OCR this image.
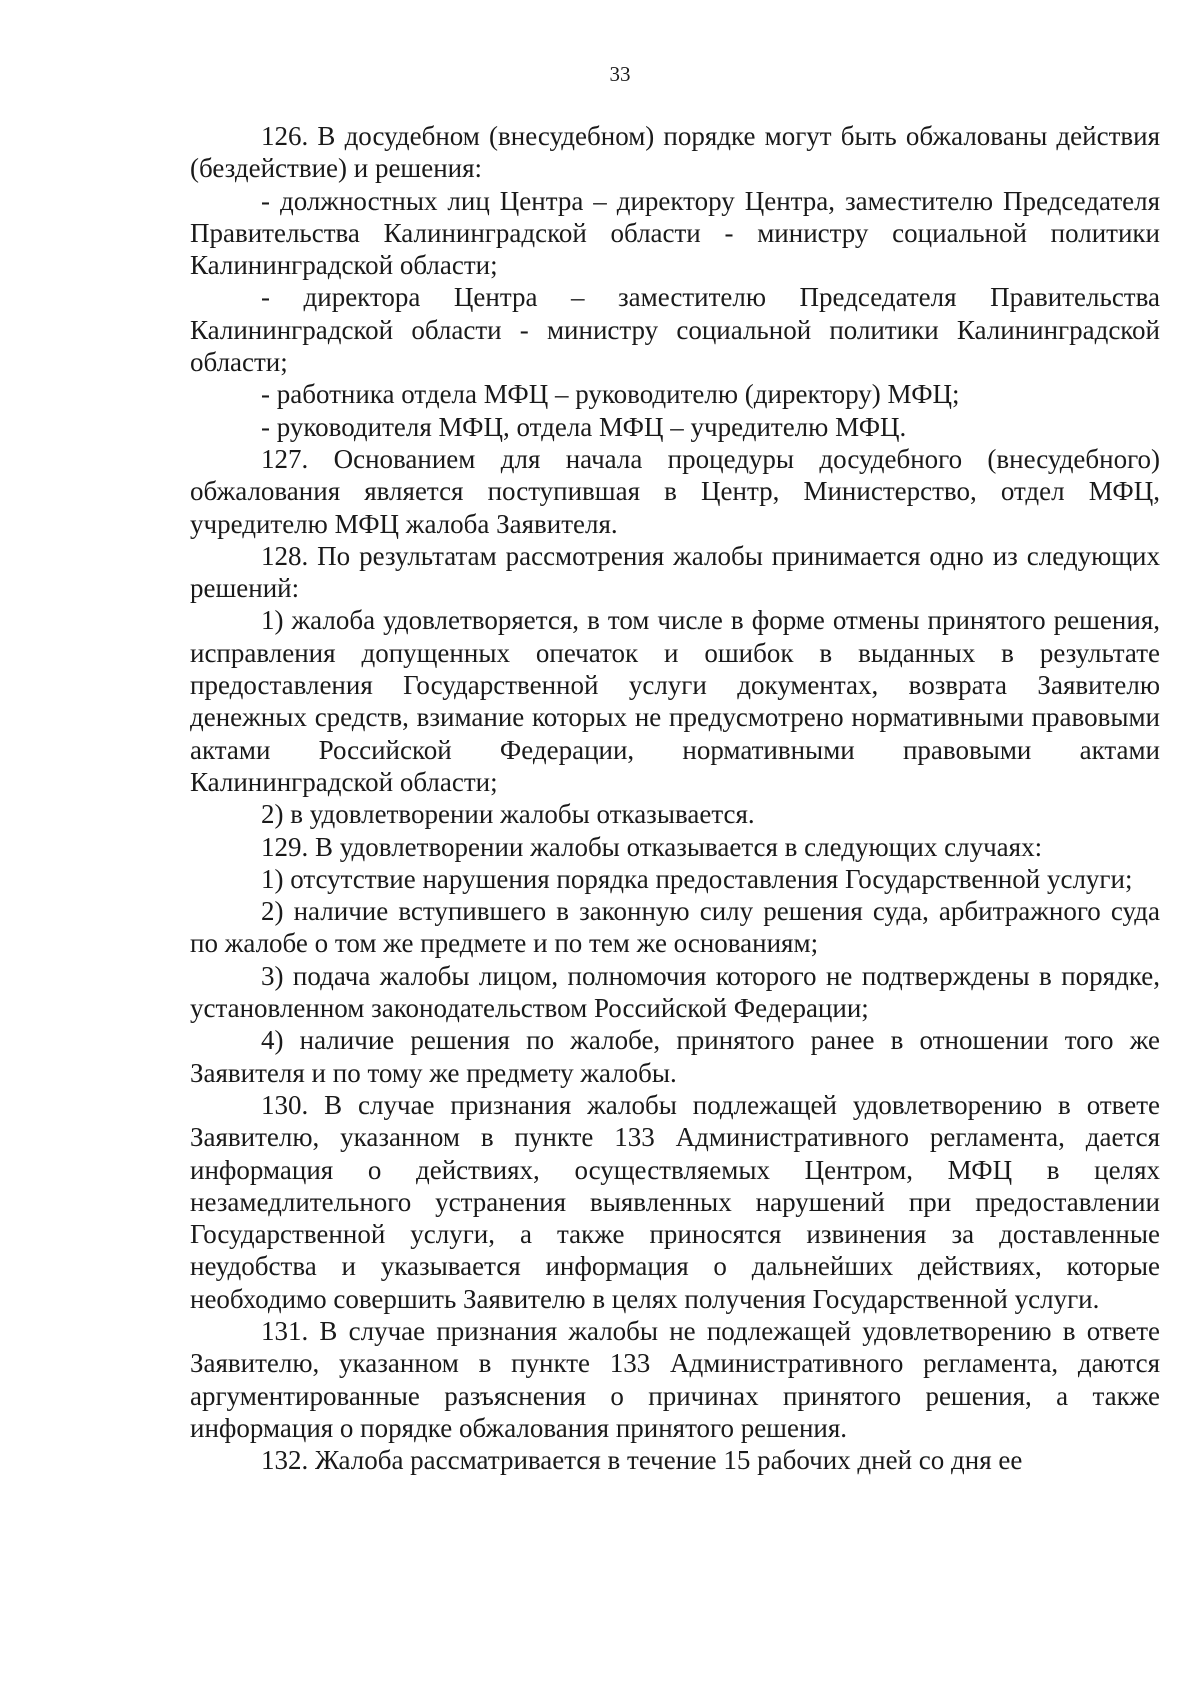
33

126. В досудебном (внесудебном) порядке могут быть обжалованы действия (бездействие) и решения:

- должностных лиц Центра – директору Центра, заместителю Председателя Правительства Калининградской области - министру социальной политики Калининградской области;

- директора Центра – заместителю Председателя Правительства Калининградской области - министру социальной политики Калининградской области;

- работника отдела МФЦ – руководителю (директору) МФЦ;

- руководителя МФЦ, отдела МФЦ – учредителю МФЦ.

127. Основанием для начала процедуры досудебного (внесудебного) обжалования является поступившая в Центр, Министерство, отдел МФЦ, учредителю МФЦ жалоба Заявителя.

128. По результатам рассмотрения жалобы принимается одно из следующих решений:

1) жалоба удовлетворяется, в том числе в форме отмены принятого решения, исправления допущенных опечаток и ошибок в выданных в результате предоставления Государственной услуги документах, возврата Заявителю денежных средств, взимание которых не предусмотрено нормативными правовыми актами Российской Федерации, нормативными правовыми актами Калининградской области;

2) в удовлетворении жалобы отказывается.

129. В удовлетворении жалобы отказывается в следующих случаях:

1) отсутствие нарушения порядка предоставления Государственной услуги;

2) наличие вступившего в законную силу решения суда, арбитражного суда по жалобе о том же предмете и по тем же основаниям;

3) подача жалобы лицом, полномочия которого не подтверждены в порядке, установленном законодательством Российской Федерации;

4) наличие решения по жалобе, принятого ранее в отношении того же Заявителя и по тому же предмету жалобы.

130. В случае признания жалобы подлежащей удовлетворению в ответе Заявителю, указанном в пункте 133 Административного регламента, дается информация о действиях, осуществляемых Центром, МФЦ в целях незамедлительного устранения выявленных нарушений при предоставлении Государственной услуги, а также приносятся извинения за доставленные неудобства и указывается информация о дальнейших действиях, которые необходимо совершить Заявителю в целях получения Государственной услуги.

131. В случае признания жалобы не подлежащей удовлетворению в ответе Заявителю, указанном в пункте 133 Административного регламента, даются аргументированные разъяснения о причинах принятого решения, а также информация о порядке обжалования принятого решения.

132. Жалоба рассматривается в течение 15 рабочих дней со дня ее
